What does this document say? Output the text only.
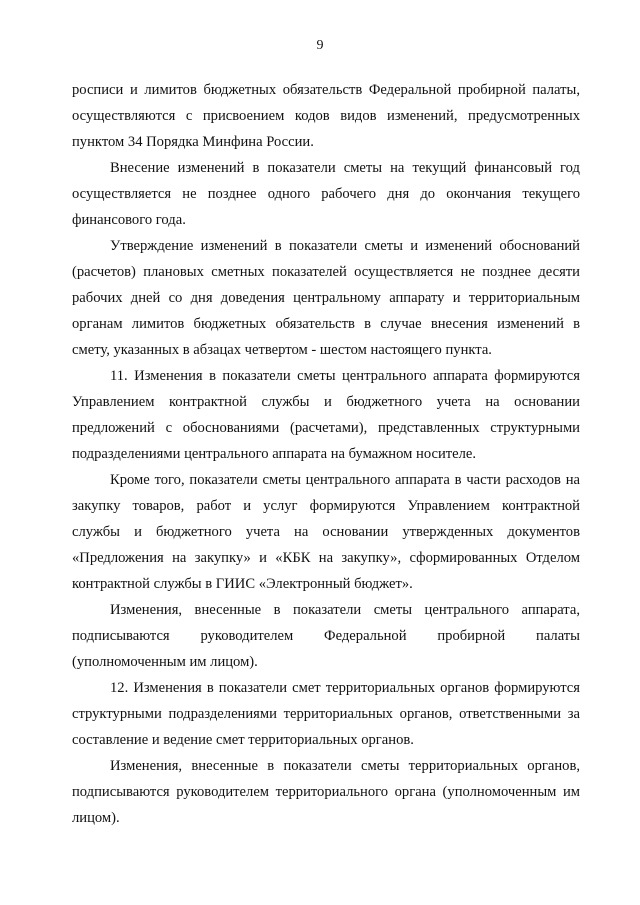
9
росписи и лимитов бюджетных обязательств Федеральной пробирной палаты,
осуществляются с присвоением кодов видов изменений, предусмотренных
пунктом 34 Порядка Минфина России.
Внесение изменений в показатели сметы на текущий финансовый год
осуществляется не позднее одного рабочего дня до окончания текущего
финансового года.
Утверждение изменений в показатели сметы и изменений обоснований
(расчетов) плановых сметных показателей осуществляется не позднее десяти
рабочих дней со дня доведения центральному аппарату и территориальным
органам лимитов бюджетных обязательств в случае внесения изменений в
смету, указанных в абзацах четвертом - шестом настоящего пункта.
11. Изменения в показатели сметы центрального аппарата формируются
Управлением контрактной службы и бюджетного учета на основании
предложений с обоснованиями (расчетами), представленных структурными
подразделениями центрального аппарата на бумажном носителе.
Кроме того, показатели сметы центрального аппарата в части расходов на
закупку товаров, работ и услуг формируются Управлением контрактной
службы и бюджетного учета на основании утвержденных документов
«Предложения на закупку» и «КБК на закупку», сформированных Отделом
контрактной службы в ГИИС «Электронный бюджет».
Изменения, внесенные в показатели сметы центрального аппарата,
подписываются руководителем Федеральной пробирной палаты
(уполномоченным им лицом).
12. Изменения в показатели смет территориальных органов формируются
структурными подразделениями территориальных органов, ответственными за
составление и ведение смет территориальных органов.
Изменения, внесенные в показатели сметы территориальных органов,
подписываются руководителем территориального органа (уполномоченным им
лицом).
